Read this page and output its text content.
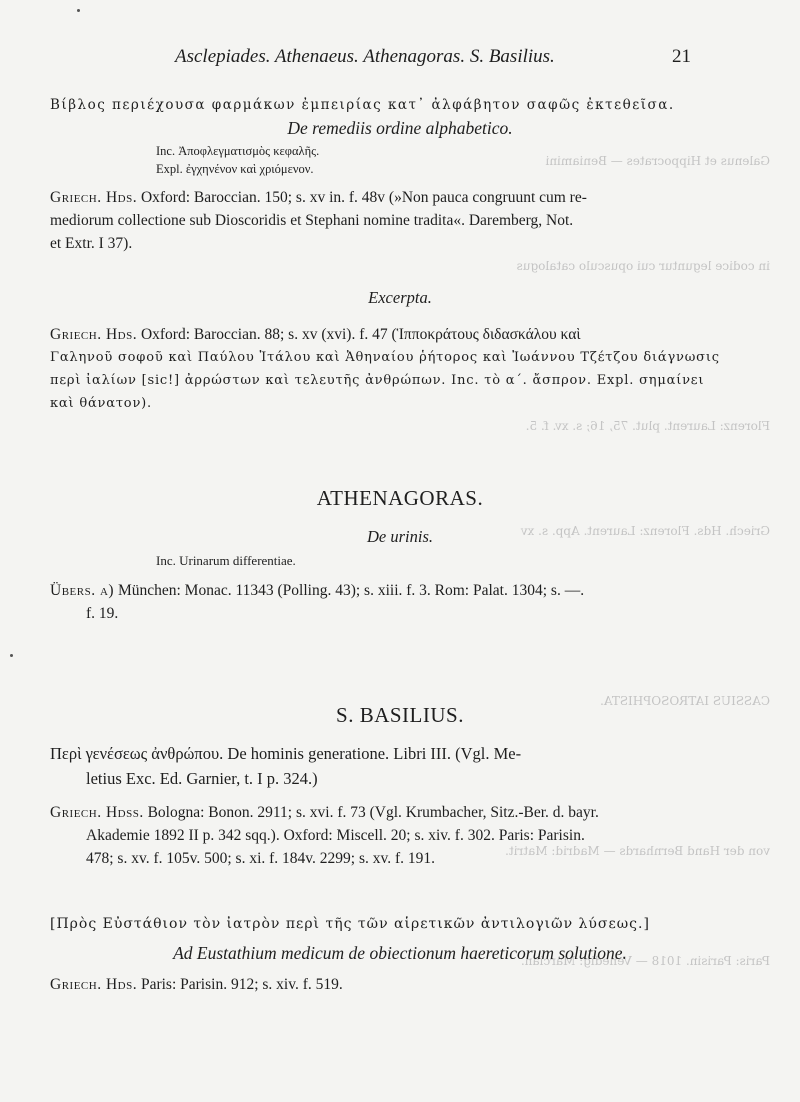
Galenus et Hippocrates — Beniamini
in codice leguntur cui opusculo catalogus
Florenz: Laurent. plut. 75, 16; s. xv. f. 5.
Griech. Hds. Florenz: Laurent. App. s. xv
CASSIUS IATROSOPHISTA.
von der Hand Bernhards — Madrid: Matrit.
Paris: Parisin. 1018 — Venedig: Marcian.
Asclepiades. Athenaeus. Athenagoras. S. Basilius.	21
Βίβλος περιέχουσα φαρμάκων ἐμπειρίας κατ᾽ ἀλφάβητον σαφῶς ἐκτεθεῖσα.
De remediis ordine alphabetico.
Inc. Ἀποφλεγματισμὸς κεφαλῆς.
Expl. ἐγχηνένον καὶ χριόμενον.
Griech. Hds. Oxford: Baroccian. 150; s. xv in. f. 48v (»Non pauca congruunt cum re-
mediorum collectione sub Dioscoridis et Stephani nomine tradita«. Daremberg, Not.
et Extr. I 37).
Excerpta.
Griech. Hds. Oxford: Baroccian. 88; s. xv (xvi). f. 47 (Ἱπποκράτους διδασκάλου καὶ
Γαληνοῦ σοφοῦ καὶ Παύλου Ἰτάλου καὶ Ἀθηναίου ῥήτορος καὶ Ἰωάννου Τζέτζου διάγνωσις
περὶ ἰαλίων [sic!] ἀρρώστων καὶ τελευτῆς ἀνθρώπων. Inc. τὸ α΄. ἄσπρον. Expl. σημαίνει
καὶ θάνατον).
ATHENAGORAS.
De urinis.
Inc. Urinarum differentiae.
Übers. a) München: Monac. 11343 (Polling. 43); s. xiii. f. 3. Rom: Palat. 1304; s. —.
f. 19.
S. BASILIUS.
Περὶ γενέσεως ἀνθρώπου. De hominis generatione. Libri III. (Vgl. Me-
letius Exc. Ed. Garnier, t. I p. 324.)
Griech. Hdss. Bologna: Bonon. 2911; s. xvi. f. 73 (Vgl. Krumbacher, Sitz.-Ber. d. bayr.
Akademie 1892 II p. 342 sqq.). Oxford: Miscell. 20; s. xiv. f. 302. Paris: Parisin.
478; s. xv. f. 105v. 500; s. xi. f. 184v. 2299; s. xv. f. 191.
[Πρὸς Εὐστάθιον τὸν ἰατρὸν περὶ τῆς τῶν αἱρετικῶν ἀντιλογιῶν λύσεως.]
Ad Eustathium medicum de obiectionum haereticorum solutione.
Griech. Hds. Paris: Parisin. 912; s. xiv. f. 519.
